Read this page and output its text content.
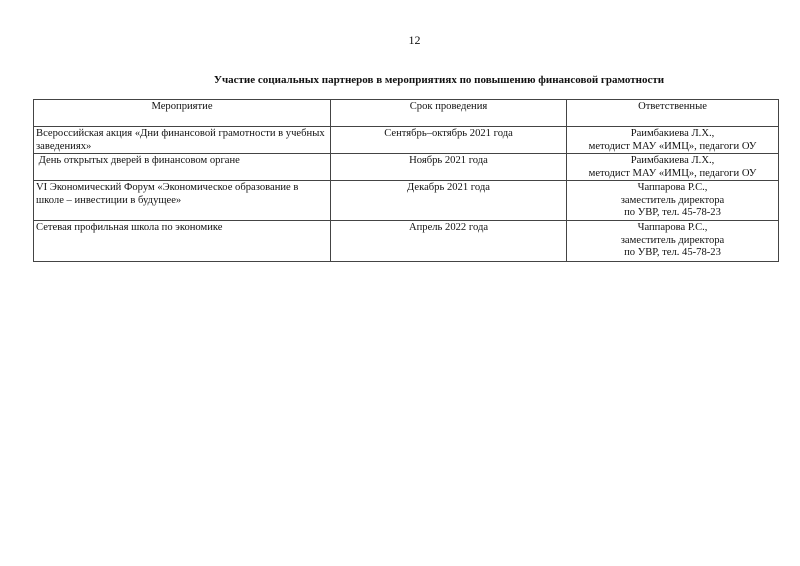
12
Участие социальных партнеров в мероприятиях по повышению финансовой грамотности
Мероприятие	Срок проведения	Ответственные
Всероссийская акция «Дни финансовой грамотности в учебных заведениях»	Сентябрь–октябрь 2021 года	Раимбакиева Л.Х.,
методист МАУ «ИМЦ», педагоги ОУ

День открытых дверей в финансовом органе	Ноябрь 2021 года	Раимбакиева Л.Х.,
методист МАУ «ИМЦ», педагоги ОУ

VI Экономический Форум «Экономическое образование в школе – инвестиции в будущее»	Декабрь 2021 года	Чаппарова Р.С.,
заместитель директора
по УВР, тел. 45-78-23

Сетевая профильная школа по экономике	Апрель 2022 года	Чаппарова Р.С.,
заместитель директора
по УВР, тел. 45-78-23
